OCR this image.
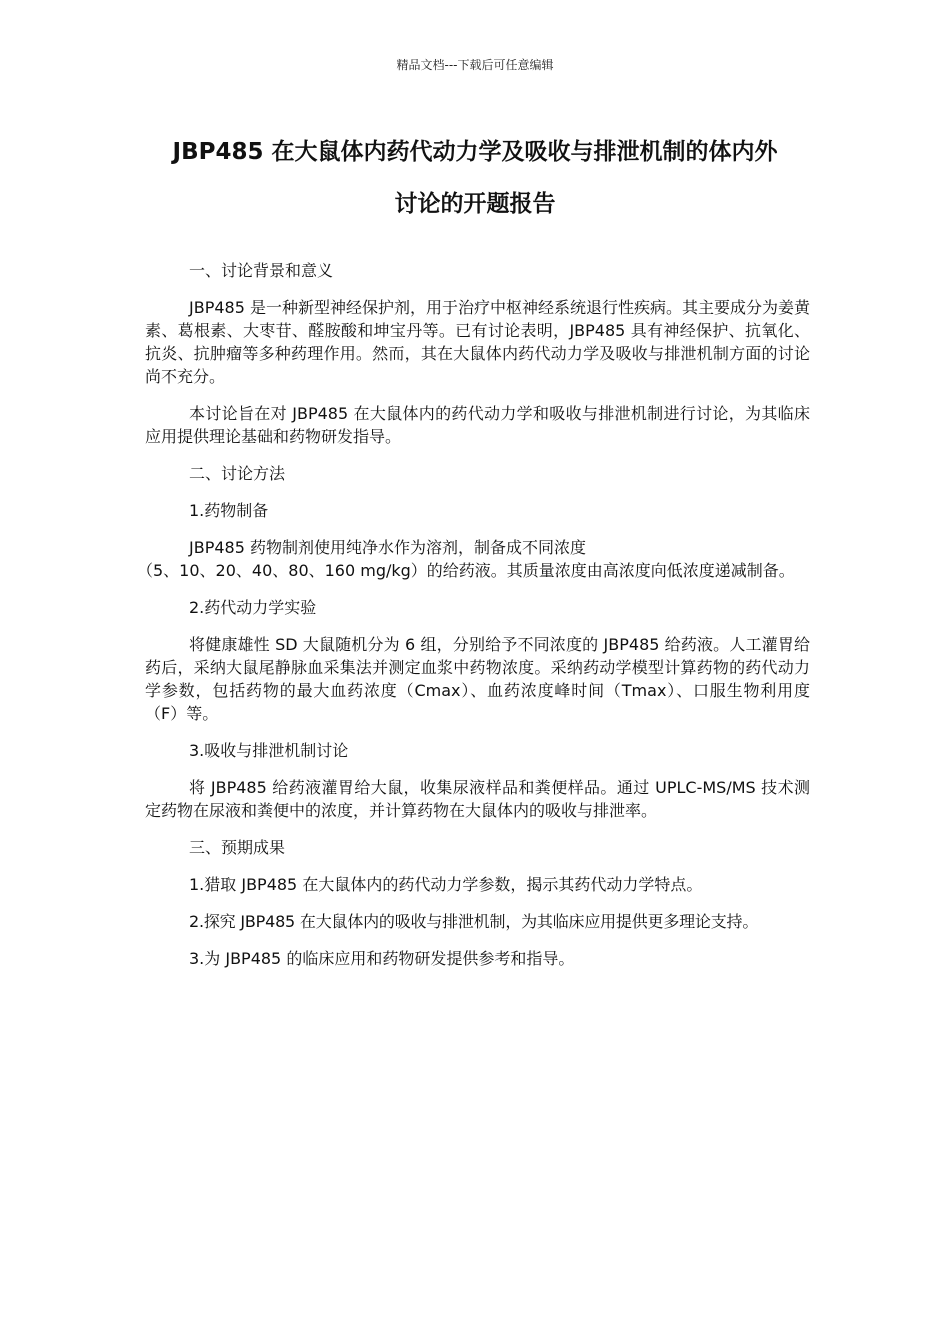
精品文档---下载后可任意编辑
JBP485 在大鼠体内药代动力学及吸收与排泄机制的体内外
讨论的开题报告

一、讨论背景和意义

JBP485 是一种新型神经保护剂，用于治疗中枢神经系统退行性疾病。其主要成分为姜黄素、葛根素、大枣苷、醛胺酸和坤宝丹等。已有讨论表明，JBP485 具有神经保护、抗氧化、抗炎、抗肿瘤等多种药理作用。然而，其在大鼠体内药代动力学及吸收与排泄机制方面的讨论尚不充分。

本讨论旨在对 JBP485 在大鼠体内的药代动力学和吸收与排泄机制进行讨论，为其临床应用提供理论基础和药物研发指导。

二、讨论方法

1.药物制备

JBP485 药物制剂使用纯净水作为溶剂，制备成不同浓度

（5、10、20、40、80、160 mg/kg）的给药液。其质量浓度由高浓度向低浓度递减制备。

2.药代动力学实验

将健康雄性 SD 大鼠随机分为 6 组，分别给予不同浓度的 JBP485 给药液。人工灌胃给药后，采纳大鼠尾静脉血采集法并测定血浆中药物浓度。采纳药动学模型计算药物的药代动力学参数，包括药物的最大血药浓度（Cmax）、血药浓度峰时间（Tmax）、口服生物利用度（F）等。

3.吸收与排泄机制讨论

将 JBP485 给药液灌胃给大鼠，收集尿液样品和粪便样品。通过 UPLC-MS/MS 技术测定药物在尿液和粪便中的浓度，并计算药物在大鼠体内的吸收与排泄率。

三、预期成果

1.猎取 JBP485 在大鼠体内的药代动力学参数，揭示其药代动力学特点。

2.探究 JBP485 在大鼠体内的吸收与排泄机制，为其临床应用提供更多理论支持。

3.为 JBP485 的临床应用和药物研发提供参考和指导。
